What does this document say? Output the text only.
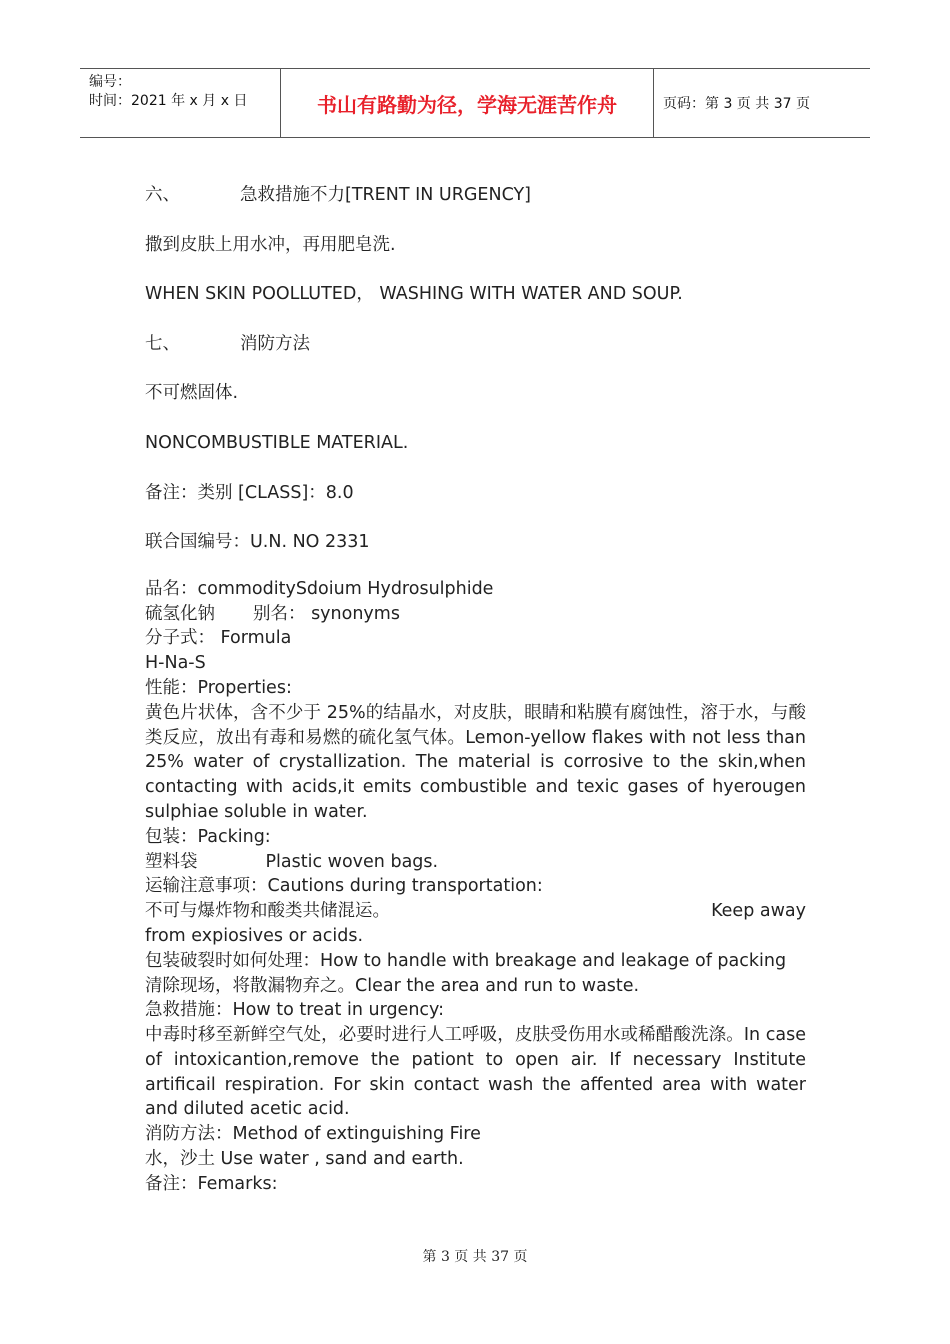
编号：
时间：2021 年 x 月 x 日	书山有路勤为径，学海无涯苦作舟	页码：第 3 页 共 37 页

六、	急救措施不力[TRENT IN URGENCY]

撒到皮肤上用水冲，再用肥皂洗.

WHEN SKIN POOLLUTED， WASHING WITH WATER AND SOUP.

七、	消防方法

不可燃固体.

NONCOMBUSTIBLE MATERIAL.

备注：类别 [CLASS]：8.0

联合国编号：U.N. NO 2331

品名：commoditySdoium Hydrosulphide

硫氢化钠 别名： synonyms

分子式： Formula

H-Na-S

性能：Properties:

黄色片状体，含不少于 25%的结晶水，对皮肤，眼睛和粘膜有腐蚀性，溶于水，与酸类反应，放出有毒和易燃的硫化氢气体。Lemon-yellow flakes with not less than 25% water of crystallization. The material is corrosive to the skin,when contacting with acids,it emits combustible and texic gases of hyerougen sulphiae soluble in water.

包装：Packing:

塑料袋	Plastic woven bags.

运输注意事项：Cautions during transportation:

不可与爆炸物和酸类共储混运。	Keep away

from expiosives or acids.

包装破裂时如何处理：How to handle with breakage and leakage of packing

清除现场，将散漏物弃之。Clear the area and run to waste.

急救措施：How to treat in urgency:

中毒时移至新鲜空气处，必要时进行人工呼吸，皮肤受伤用水或稀醋酸洗涤。In case of intoxicantion,remove the pationt to open air. If necessary Institute artificail respiration. For skin contact wash the affented area with water and diluted acetic acid.

消防方法：Method of extinguishing Fire

水，沙土 Use water , sand and earth.

备注：Femarks:

第 3 页 共 37 页
